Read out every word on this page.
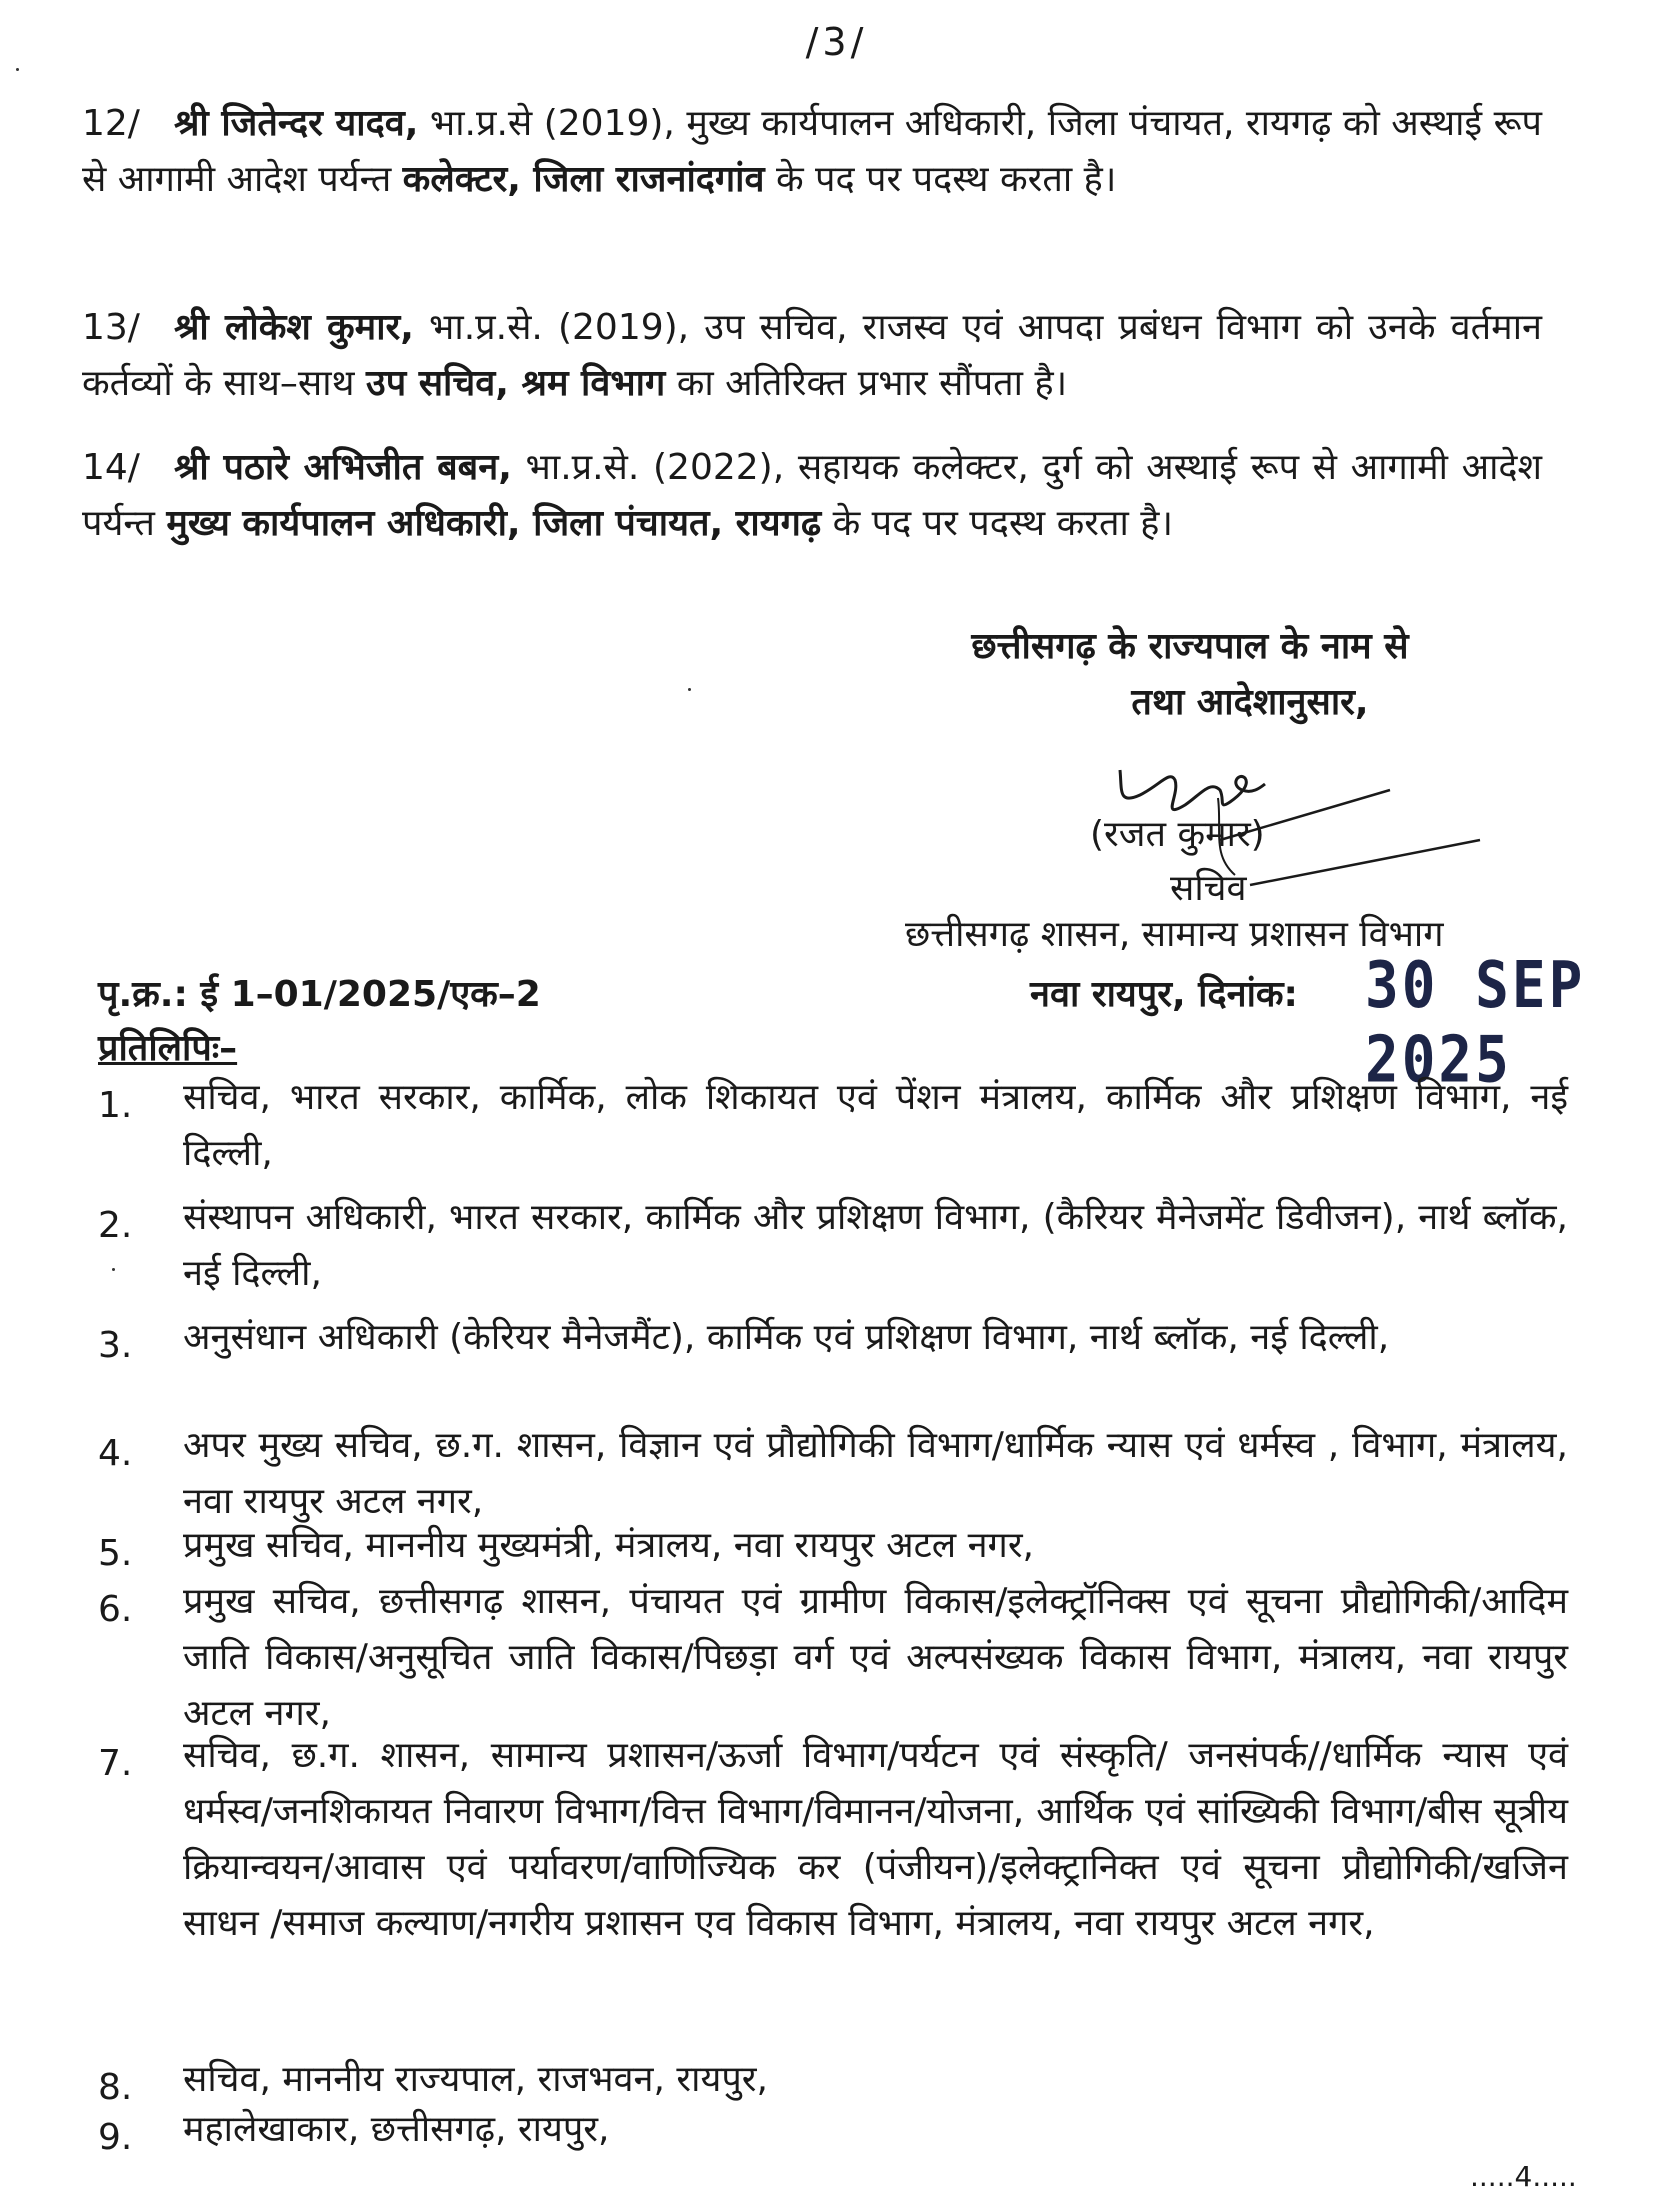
/3/
12/ श्री जितेन्दर यादव, भा.प्र.से (2019), मुख्य कार्यपालन अधिकारी, जिला पंचायत, रायगढ़ को अस्थाई रूप से आगामी आदेश पर्यन्त कलेक्टर, जिला राजनांदगांव के पद पर पदस्थ करता है।
13/ श्री लोकेश कुमार, भा.प्र.से. (2019), उप सचिव, राजस्व एवं आपदा प्रबंधन विभाग को उनके वर्तमान कर्तव्यों के साथ–साथ उप सचिव, श्रम विभाग का अतिरिक्त प्रभार सौंपता है।
14/ श्री पठारे अभिजीत बबन, भा.प्र.से. (2022), सहायक कलेक्टर, दुर्ग को अस्थाई रूप से आगामी आदेश पर्यन्त मुख्य कार्यपालन अधिकारी, जिला पंचायत, रायगढ़ के पद पर पदस्थ करता है।
छत्तीसगढ़ के राज्यपाल के नाम से
तथा आदेशानुसार,
(रजत कुमार)
सचिव
छत्तीसगढ़ शासन, सामान्य प्रशासन विभाग
पृ.क्र.: ई 1–01/2025/एक–2	नवा रायपुर, दिनांक: 30 SEP 2025
प्रतिलिपिः–
1.	सचिव, भारत सरकार, कार्मिक, लोक शिकायत एवं पेंशन मंत्रालय, कार्मिक और प्रशिक्षण विभाग, नई दिल्ली,
2.	संस्थापन अधिकारी, भारत सरकार, कार्मिक और प्रशिक्षण विभाग, (कैरियर मैनेजमेंट डिवीजन), नार्थ ब्लॉक, नई दिल्ली,
3.	अनुसंधान अधिकारी (केरियर मैनेजमैंट), कार्मिक एवं प्रशिक्षण विभाग, नार्थ ब्लॉक, नई दिल्ली,
4.	अपर मुख्य सचिव, छ.ग. शासन, विज्ञान एवं प्रौद्योगिकी विभाग/धार्मिक न्यास एवं धर्मस्व , विभाग, मंत्रालय, नवा रायपुर अटल नगर,
5.	प्रमुख सचिव, माननीय मुख्यमंत्री, मंत्रालय, नवा रायपुर अटल नगर,
6.	प्रमुख सचिव, छत्तीसगढ़ शासन, पंचायत एवं ग्रामीण विकास/इलेक्ट्रॉनिक्स एवं सूचना प्रौद्योगिकी/आदिम जाति विकास/अनुसूचित जाति विकास/पिछड़ा वर्ग एवं अल्पसंख्यक विकास विभाग, मंत्रालय, नवा रायपुर अटल नगर,
7.	सचिव, छ.ग. शासन, सामान्य प्रशासन/ऊर्जा विभाग/पर्यटन एवं संस्कृति/ जनसंपर्क//धार्मिक न्यास एवं धर्मस्व/जनशिकायत निवारण विभाग/वित्त विभाग/विमानन/योजना, आर्थिक एवं सांख्यिकी विभाग/बीस सूत्रीय क्रियान्वयन/आवास एवं पर्यावरण/वाणिज्यिक कर (पंजीयन)/इलेक्ट्रानिक्त एवं सूचना प्रौद्योगिकी/खजिन साधन /समाज कल्याण/नगरीय प्रशासन एव विकास विभाग, मंत्रालय, नवा रायपुर अटल नगर,
8.	सचिव, माननीय राज्यपाल, राजभवन, रायपुर,
9.	महालेखाकार, छत्तीसगढ़, रायपुर,
.....4.....
